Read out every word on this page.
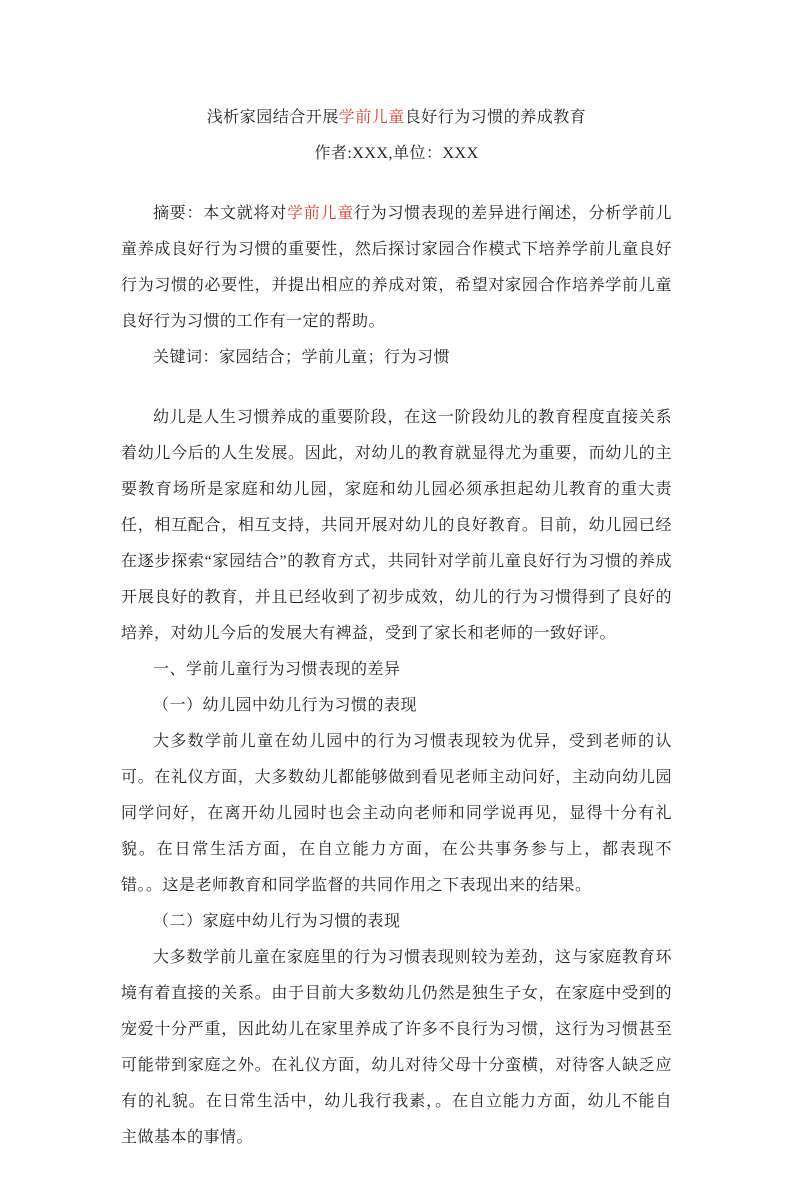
浅析家园结合开展学前儿童良好行为习惯的养成教育

作者:XXX,单位：XXX

摘要：本文就将对学前儿童行为习惯表现的差异进行阐述，分析学前儿童养成良好行为习惯的重要性，然后探讨家园合作模式下培养学前儿童良好行为习惯的必要性，并提出相应的养成对策，希望对家园合作培养学前儿童良好行为习惯的工作有一定的帮助。

关键词：家园结合；学前儿童；行为习惯

幼儿是人生习惯养成的重要阶段，在这一阶段幼儿的教育程度直接关系着幼儿今后的人生发展。因此，对幼儿的教育就显得尤为重要，而幼儿的主要教育场所是家庭和幼儿园，家庭和幼儿园必须承担起幼儿教育的重大责任，相互配合，相互支持，共同开展对幼儿的良好教育。目前，幼儿园已经在逐步探索“家园结合”的教育方式，共同针对学前儿童良好行为习惯的养成开展良好的教育，并且已经收到了初步成效，幼儿的行为习惯得到了良好的培养，对幼儿今后的发展大有裨益，受到了家长和老师的一致好评。

一、学前儿童行为习惯表现的差异

（一）幼儿园中幼儿行为习惯的表现

大多数学前儿童在幼儿园中的行为习惯表现较为优异，受到老师的认可。在礼仪方面，大多数幼儿都能够做到看见老师主动问好，主动向幼儿园同学问好，在离开幼儿园时也会主动向老师和同学说再见，显得十分有礼貌。在日常生活方面，在自立能力方面，在公共事务参与上，都表现不错。。这是老师教育和同学监督的共同作用之下表现出来的结果。

（二）家庭中幼儿行为习惯的表现

大多数学前儿童在家庭里的行为习惯表现则较为差劲，这与家庭教育环境有着直接的关系。由于目前大多数幼儿仍然是独生子女，在家庭中受到的宠爱十分严重，因此幼儿在家里养成了许多不良行为习惯，这行为习惯甚至可能带到家庭之外。在礼仪方面，幼儿对待父母十分蛮横，对待客人缺乏应有的礼貌。在日常生活中，幼儿我行我素，。在自立能力方面，幼儿不能自主做基本的事情。
